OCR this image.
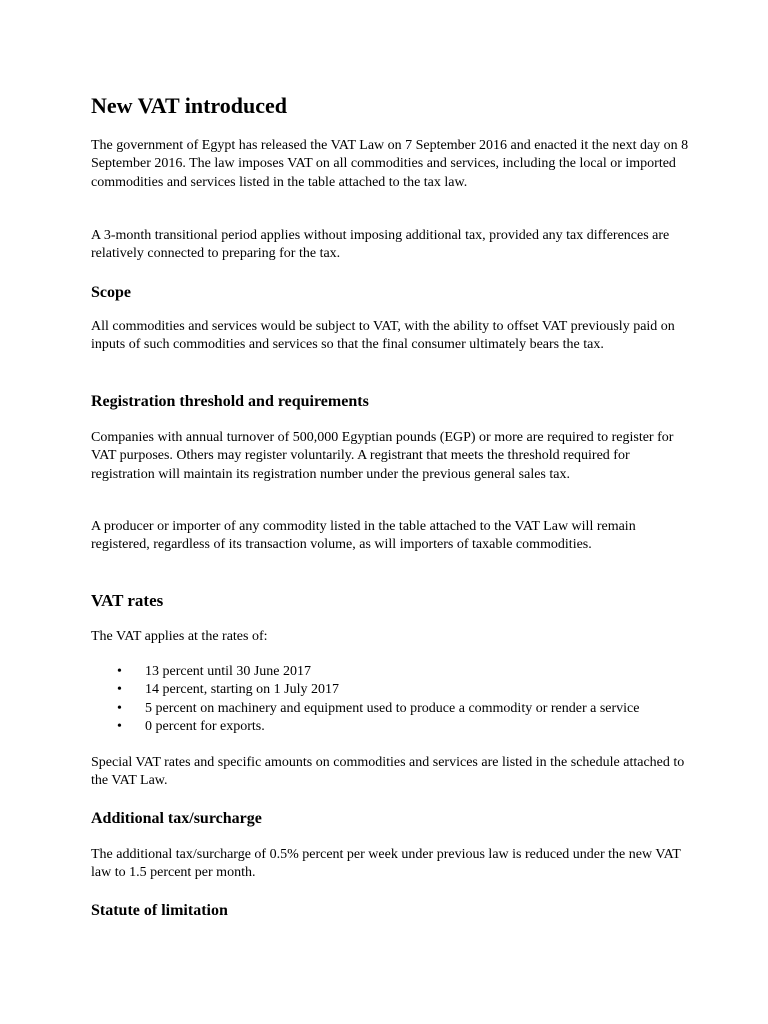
New VAT introduced

The government of Egypt has released the VAT Law on 7 September 2016 and enacted it the next day on 8 September 2016. The law imposes VAT on all commodities and services, including the local or imported commodities and services listed in the table attached to the tax law.

A 3-month transitional period applies without imposing additional tax, provided any tax differences are relatively connected to preparing for the tax.

Scope

All commodities and services would be subject to VAT, with the ability to offset VAT previously paid on inputs of such commodities and services so that the final consumer ultimately bears the tax.

Registration threshold and requirements

Companies with annual turnover of 500,000 Egyptian pounds (EGP) or more are required to register for VAT purposes. Others may register voluntarily. A registrant that meets the threshold required for registration will maintain its registration number under the previous general sales tax.

A producer or importer of any commodity listed in the table attached to the VAT Law will remain registered, regardless of its transaction volume, as will importers of taxable commodities.

VAT rates

The VAT applies at the rates of:

•	13 percent until 30 June 2017
•	14 percent, starting on 1 July 2017
•	5 percent on machinery and equipment used to produce a commodity or render a service
•	0 percent for exports.

Special VAT rates and specific amounts on commodities and services are listed in the schedule attached to the VAT Law.

Additional tax/surcharge

The additional tax/surcharge of 0.5% percent per week under previous law is reduced under the new VAT law to 1.5 percent per month.

Statute of limitation
